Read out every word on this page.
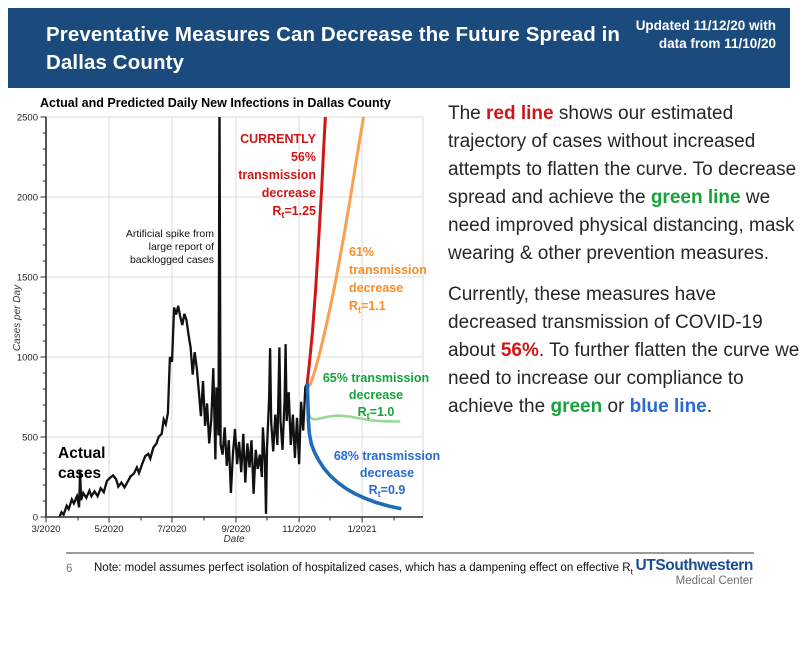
Preventative Measures Can Decrease the Future Spread in
Dallas County
Updated 11/12/20 with
data from 11/10/20
Actual and Predicted Daily New Infections in Dallas County
3/2020	5/2020	7/2020	9/2020	11/2020	1/2021
0
500
1000
1500
2000
2500
Date
Cases per Day
CURRENTLY
56%
transmission
decrease
$R_t=1.25$
61%
transmission
decrease
$R_t=1.1$
65% transmission
decrease
$R_t=1.0$
68% transmission
decrease
$R_t=0.9$
Actual
cases
Artificial spike from
large report of
backlogged cases

The red line shows our estimated trajectory of cases without increased attempts to flatten the curve. To decrease spread and achieve the green line we need improved physical distancing, mask wearing & other prevention measures.

Currently, these measures have decreased transmission of COVID-19 about 56%. To further flatten the curve we need to increase our compliance to achieve the green or blue line.

6 Note: model assumes perfect isolation of hospitalized cases, which has a dampening effect on effective $R_t$ UTSouthwestern
Medical Center
